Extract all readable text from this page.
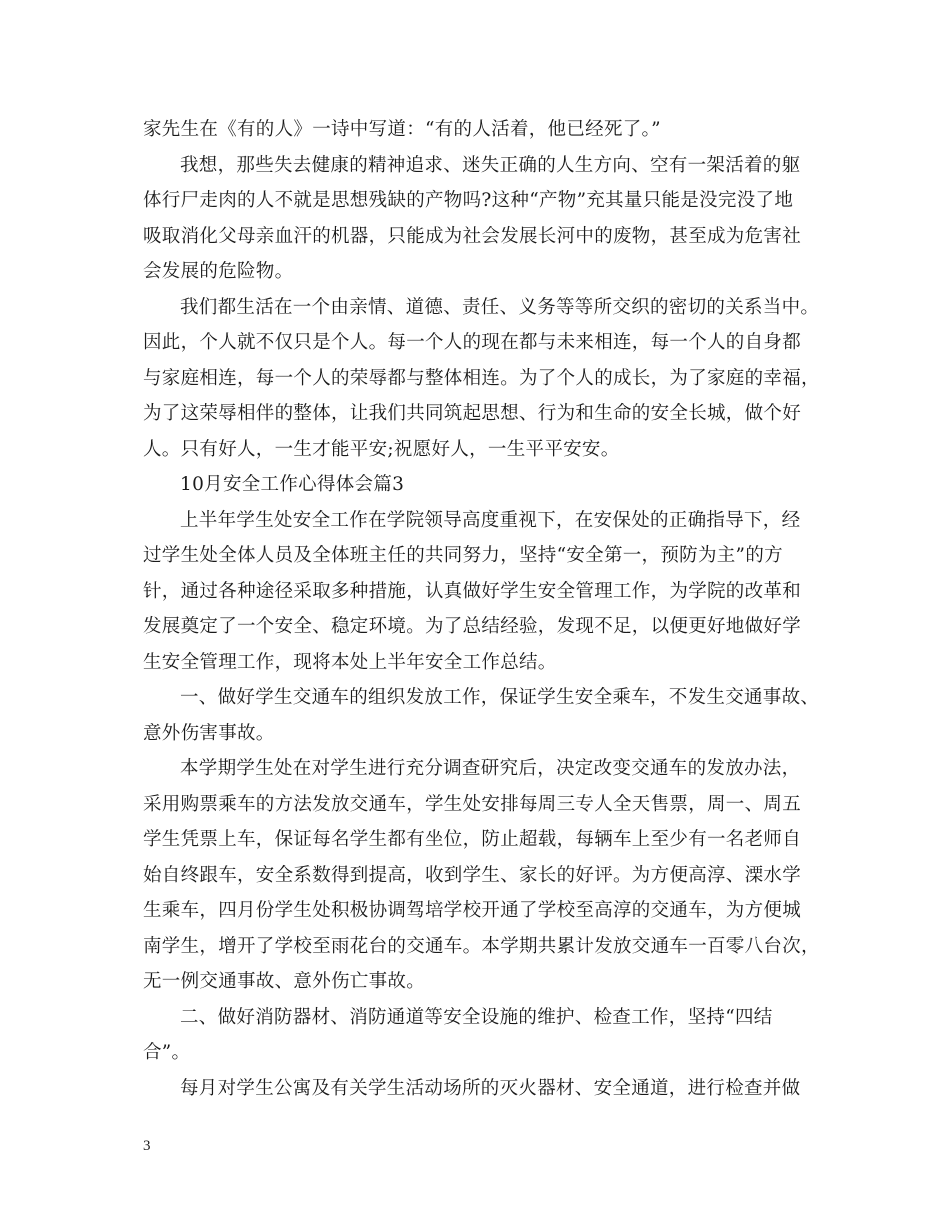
家先生在《有的人》一诗中写道：“有的人活着，他已经死了。”
我想，那些失去健康的精神追求、迷失正确的人生方向、空有一架活着的躯
体行尸走肉的人不就是思想残缺的产物吗?这种“产物”充其量只能是没完没了地
吸取消化父母亲血汗的机器，只能成为社会发展长河中的废物，甚至成为危害社
会发展的危险物。
我们都生活在一个由亲情、道德、责任、义务等等所交织的密切的关系当中。
因此，个人就不仅只是个人。每一个人的现在都与未来相连，每一个人的自身都
与家庭相连，每一个人的荣辱都与整体相连。为了个人的成长，为了家庭的幸福，
为了这荣辱相伴的整体，让我们共同筑起思想、行为和生命的安全长城，做个好
人。只有好人，一生才能平安;祝愿好人，一生平平安安。
10月安全工作心得体会篇3
上半年学生处安全工作在学院领导高度重视下，在安保处的正确指导下，经
过学生处全体人员及全体班主任的共同努力，坚持“安全第一，预防为主”的方
针，通过各种途径采取多种措施，认真做好学生安全管理工作，为学院的改革和
发展奠定了一个安全、稳定环境。为了总结经验，发现不足，以便更好地做好学
生安全管理工作，现将本处上半年安全工作总结。
一、做好学生交通车的组织发放工作，保证学生安全乘车，不发生交通事故、
意外伤害事故。
本学期学生处在对学生进行充分调查研究后，决定改变交通车的发放办法，
采用购票乘车的方法发放交通车，学生处安排每周三专人全天售票，周一、周五
学生凭票上车，保证每名学生都有坐位，防止超载，每辆车上至少有一名老师自
始自终跟车，安全系数得到提高，收到学生、家长的好评。为方便高淳、溧水学
生乘车，四月份学生处积极协调驾培学校开通了学校至高淳的交通车，为方便城
南学生，增开了学校至雨花台的交通车。本学期共累计发放交通车一百零八台次，
无一例交通事故、意外伤亡事故。
二、做好消防器材、消防通道等安全设施的维护、检查工作，坚持“四结
合”。
每月对学生公寓及有关学生活动场所的灭火器材、安全通道，进行检查并做
3
